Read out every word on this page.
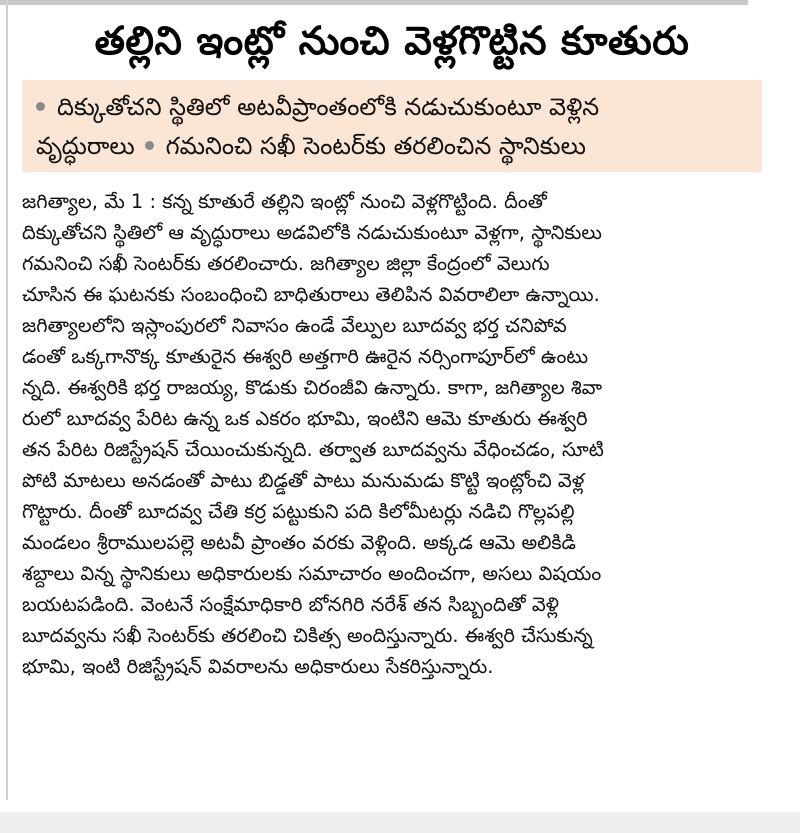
తల్లిని ఇంట్లో నుంచి వెళ్లగొట్టిన కూతురు
దిక్కుతోచని స్థితిలో అటవీప్రాంతంలోకి నడుచుకుంటూ వెళ్లిన
వృద్ధురాలు గమనించి సఖీ సెంటర్‌కు తరలించిన స్థానికులు
జగిత్యాల, మే 1 : కన్న కూతురే తల్లిని ఇంట్లో నుంచి వెళ్లగొట్టింది. దీంతో
దిక్కుతోచని స్థితిలో ఆ వృద్ధురాలు అడవిలోకి నడుచుకుంటూ వెళ్లగా, స్థానికులు
గమనించి సఖీ సెంటర్‌కు తరలించారు. జగిత్యాల జిల్లా కేంద్రంలో వెలుగు
చూసిన ఈ ఘటనకు సంబంధించి బాధితురాలు తెలిపిన వివరాలిలా ఉన్నాయి.
జగిత్యాలలోని ఇస్లాంపురలో నివాసం ఉండే వేల్పుల బూదవ్వ భర్త చనిపోవ
డంతో ఒక్కగానొక్క కూతురైన ఈశ్వరి అత్తగారి ఊరైన నర్సింగాపూర్‌లో ఉంటు
న్నది. ఈశ్వరికి భర్త రాజయ్య, కొడుకు చిరంజీవి ఉన్నారు. కాగా, జగిత్యాల శివా
రులో బూదవ్వ పేరిట ఉన్న ఒక ఎకరం భూమి, ఇంటిని ఆమె కూతురు ఈశ్వరి
తన పేరిట రిజిస్ట్రేషన్ చేయించుకున్నది. తర్వాత బూదవ్వను వేధించడం, సూటి
పోటి మాటలు అనడంతో పాటు బిడ్డతో పాటు మనుమడు కొట్టి ఇంట్లోంచి వెళ్ల
గొట్టారు. దీంతో బూదవ్వ చేతి కర్ర పట్టుకుని పది కిలోమీటర్లు నడిచి గొల్లపల్లి
మండలం శ్రీరాములపల్లె అటవీ ప్రాంతం వరకు వెళ్లింది. అక్కడ ఆమె అలికిడి
శబ్దాలు విన్న స్థానికులు అధికారులకు సమాచారం అందించగా, అసలు విషయం
బయటపడింది. వెంటనే సంక్షేమాధికారి బోనగిరి నరేశ్ తన సిబ్బందితో వెళ్లి
బూదవ్వను సఖీ సెంటర్‌కు తరలించి చికిత్స అందిస్తున్నారు. ఈశ్వరి చేసుకున్న
భూమి, ఇంటి రిజిస్ట్రేషన్ వివరాలను అధికారులు సేకరిస్తున్నారు.
